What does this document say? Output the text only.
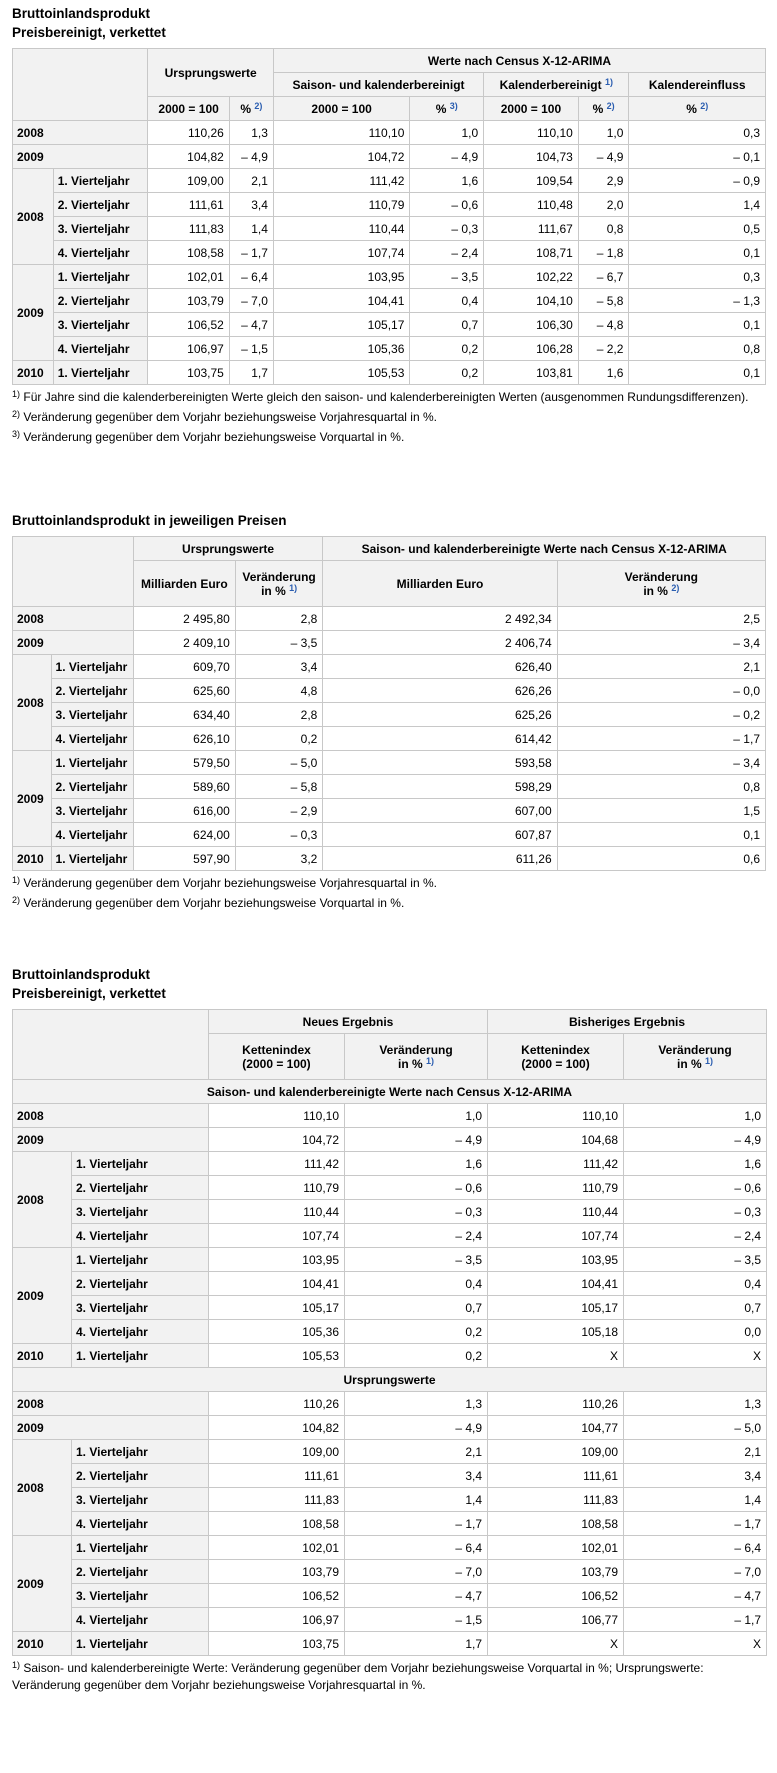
Bruttoinlandsprodukt
Preisbereinigt, verkettet
		Ursprungswerte		Werte nach Census X-12-ARIMA				
				Saison- und kalenderbereinigt		Kalenderbereinigt $^{1)}$		Kalendereinfluss
		2000 = 100	% $^{2)}$	2000 = 100	% $^{3)}$	2000 = 100	% $^{2)}$	% $^{2)}$
2008		110,26	1,3	110,10	1,0	110,10	1,0	0,3
2009		104,82	– 4,9	104,72	– 4,9	104,73	– 4,9	– 0,1
2008	1. Vierteljahr	109,00	2,1	111,42	1,6	109,54	2,9	– 0,9
	2. Vierteljahr	111,61	3,4	110,79	– 0,6	110,48	2,0	1,4
	3. Vierteljahr	111,83	1,4	110,44	– 0,3	111,67	0,8	0,5
	4. Vierteljahr	108,58	– 1,7	107,74	– 2,4	108,71	– 1,8	0,1
2009	1. Vierteljahr	102,01	– 6,4	103,95	– 3,5	102,22	– 6,7	0,3
	2. Vierteljahr	103,79	– 7,0	104,41	0,4	104,10	– 5,8	– 1,3
	3. Vierteljahr	106,52	– 4,7	105,17	0,7	106,30	– 4,8	0,1
	4. Vierteljahr	106,97	– 1,5	105,36	0,2	106,28	– 2,2	0,8
2010	1. Vierteljahr	103,75	1,7	105,53	0,2	103,81	1,6	0,1

$^{1)}$ Für Jahre sind die kalenderbereinigten Werte gleich den saison- und kalenderbereinigten Werten (ausgenommen Rundungsdifferenzen).

$^{2)}$ Veränderung gegenüber dem Vorjahr beziehungsweise Vorjahresquartal in %.

$^{3)}$ Veränderung gegenüber dem Vorjahr beziehungsweise Vorquartal in %.

Bruttoinlandsprodukt in jeweiligen Preisen
		Ursprungswerte		Saison- und kalenderbereinigte Werte nach Census X-12-ARIMA	
		Milliarden Euro	Veränderung
in % $^{1)}$	Milliarden Euro	Veränderung
in % $^{2)}$
2008		2 495,80	2,8	2 492,34	2,5
2009		2 409,10	– 3,5	2 406,74	– 3,4
2008	1. Vierteljahr	609,70	3,4	626,40	2,1
	2. Vierteljahr	625,60	4,8	626,26	– 0,0
	3. Vierteljahr	634,40	2,8	625,26	– 0,2
	4. Vierteljahr	626,10	0,2	614,42	– 1,7
2009	1. Vierteljahr	579,50	– 5,0	593,58	– 3,4
	2. Vierteljahr	589,60	– 5,8	598,29	0,8
	3. Vierteljahr	616,00	– 2,9	607,00	1,5
	4. Vierteljahr	624,00	– 0,3	607,87	0,1
2010	1. Vierteljahr	597,90	3,2	611,26	0,6

$^{1)}$ Veränderung gegenüber dem Vorjahr beziehungsweise Vorjahresquartal in %.

$^{2)}$ Veränderung gegenüber dem Vorjahr beziehungsweise Vorquartal in %.

Bruttoinlandsprodukt
Preisbereinigt, verkettet
		Neues Ergebnis		Bisheriges Ergebnis	
		Kettenindex
(2000 = 100)	Veränderung
in % $^{1)}$	Kettenindex
(2000 = 100)	Veränderung
in % $^{1)}$
Saison- und kalenderbereinigte Werte nach Census X-12-ARIMA					
2008		110,10	1,0	110,10	1,0
2009		104,72	– 4,9	104,68	– 4,9
2008	1. Vierteljahr	111,42	1,6	111,42	1,6
	2. Vierteljahr	110,79	– 0,6	110,79	– 0,6
	3. Vierteljahr	110,44	– 0,3	110,44	– 0,3
	4. Vierteljahr	107,74	– 2,4	107,74	– 2,4
2009	1. Vierteljahr	103,95	– 3,5	103,95	– 3,5
	2. Vierteljahr	104,41	0,4	104,41	0,4
	3. Vierteljahr	105,17	0,7	105,17	0,7
	4. Vierteljahr	105,36	0,2	105,18	0,0
2010	1. Vierteljahr	105,53	0,2	X	X
Ursprungswerte					
2008		110,26	1,3	110,26	1,3
2009		104,82	– 4,9	104,77	– 5,0
2008	1. Vierteljahr	109,00	2,1	109,00	2,1
	2. Vierteljahr	111,61	3,4	111,61	3,4
	3. Vierteljahr	111,83	1,4	111,83	1,4
	4. Vierteljahr	108,58	– 1,7	108,58	– 1,7
2009	1. Vierteljahr	102,01	– 6,4	102,01	– 6,4
	2. Vierteljahr	103,79	– 7,0	103,79	– 7,0
	3. Vierteljahr	106,52	– 4,7	106,52	– 4,7
	4. Vierteljahr	106,97	– 1,5	106,77	– 1,7
2010	1. Vierteljahr	103,75	1,7	X	X

$^{1)}$ Saison- und kalenderbereinigte Werte: Veränderung gegenüber dem Vorjahr beziehungsweise Vorquartal in %; Ursprungswerte: Veränderung gegenüber dem Vorjahr beziehungsweise Vorjahresquartal in %.
